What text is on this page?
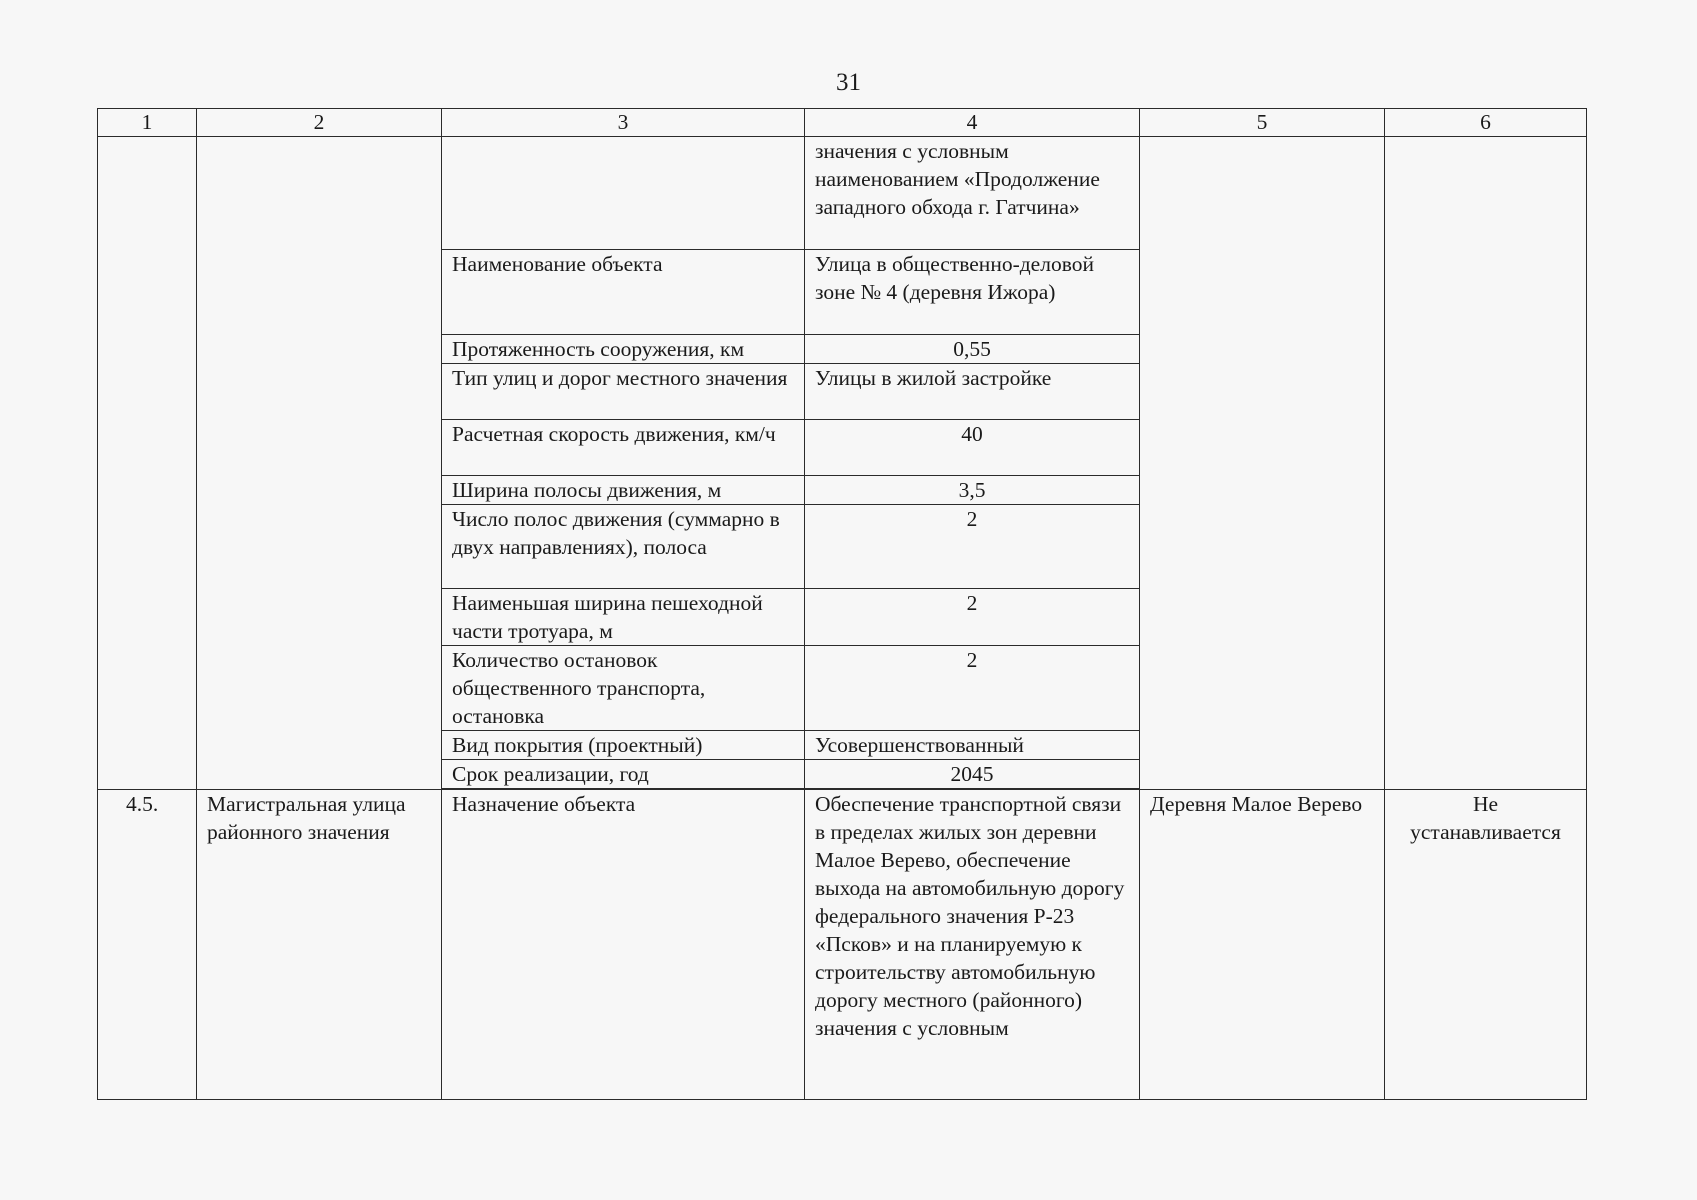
31
1	2	3	4	5	6
			значения с условным наименованием «Продолжение западного обхода г. Гатчина»		
		Наименование объекта	Улица в общественно-деловой зоне № 4 (деревня Ижора)		
		Протяженность сооружения, км	0,55		
		Тип улиц и дорог местного значения	Улицы в жилой застройке		
		Расчетная скорость движения, км/ч	40		
		Ширина полосы движения, м	3,5		
		Число полос движения (суммарно в двух направлениях), полоса	2		
		Наименьшая ширина пешеходной части тротуара, м	2		
		Количество остановок общественного транспорта, остановка	2		
		Вид покрытия (проектный)	Усовершенствованный		
		Срок реализации, год	2045		

4.5.	Магистральная улица районного значения	Назначение объекта	Обеспечение транспортной связи в пределах жилых зон деревни Малое Верево, обеспечение выхода на автомобильную дорогу федерального значения Р-23 «Псков» и на планируемую к строительству автомобильную дорогу местного (районного) значения с условным	Деревня Малое Верево	Не устанавливается
